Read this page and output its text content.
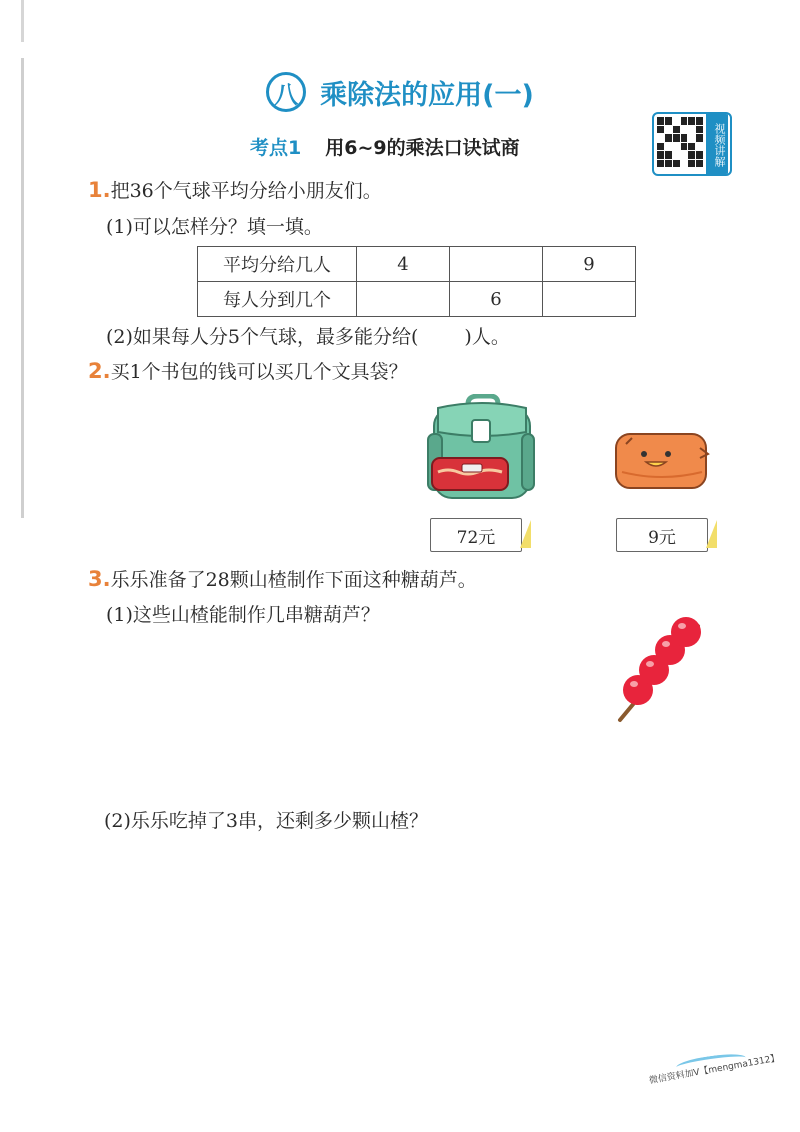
八 乘除法的应用(一)
考点1 用6~9的乘法口诀试商	视频讲解
1.把36个气球平均分给小朋友们。
(1)可以怎样分？填一填。
平均分给几人	4		9
每人分到几个		6	
(2)如果每人分5个气球，最多能分给( )人。
2.买1个书包的钱可以买几个文具袋？
72元	9元
3.乐乐准备了28颗山楂制作下面这种糖葫芦。
(1)这些山楂能制作几串糖葫芦？
(2)乐乐吃掉了3串，还剩多少颗山楂？
微信资料加V【mengma1312】
